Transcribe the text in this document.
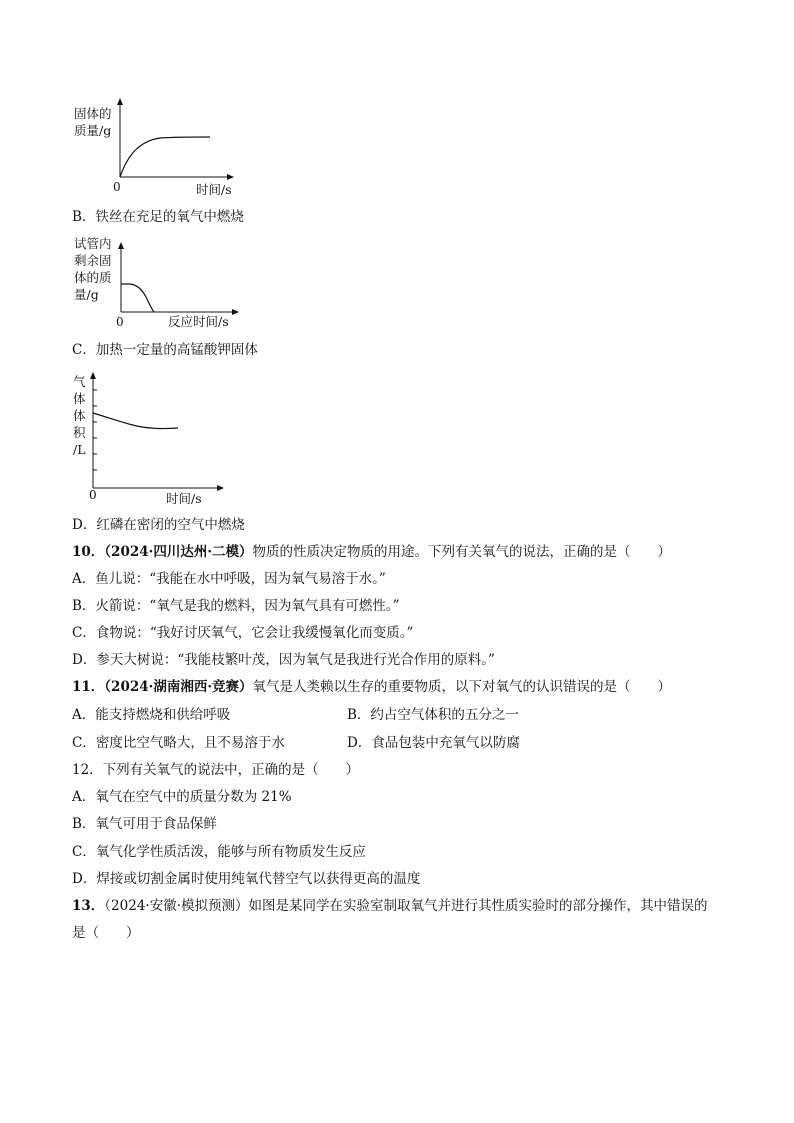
固体的
质量/g
0	时间/s
B．铁丝在充足的氧气中燃烧
试管内
剩余固
体的质
量/g
0	反应时间/s
C．加热一定量的高锰酸钾固体
气
体
体
积
/L
0	时间/s
D．红磷在密闭的空气中燃烧
10．（2024·四川达州·二模）物质的性质决定物质的用途。下列有关氧气的说法，正确的是（　　）
A．鱼儿说：“我能在水中呼吸，因为氧气易溶于水。”
B．火箭说：“氧气是我的燃料，因为氧气具有可燃性。”
C．食物说：“我好讨厌氧气，它会让我缓慢氧化而变质。”
D．参天大树说：“我能枝繁叶茂，因为氧气是我进行光合作用的原料。”
11．（2024·湖南湘西·竞赛）氧气是人类赖以生存的重要物质，以下对氧气的认识错误的是（　　）
A．能支持燃烧和供给呼吸	B．约占空气体积的五分之一
C．密度比空气略大，且不易溶于水	D．食品包装中充氧气以防腐
12．下列有关氧气的说法中，正确的是（　　）
A．氧气在空气中的质量分数为 21%
B．氧气可用于食品保鲜
C．氧气化学性质活泼，能够与所有物质发生反应
D．焊接或切割金属时使用纯氧代替空气以获得更高的温度
13．（2024·安徽·模拟预测）如图是某同学在实验室制取氧气并进行其性质实验时的部分操作，其中错误的
是（　　）
